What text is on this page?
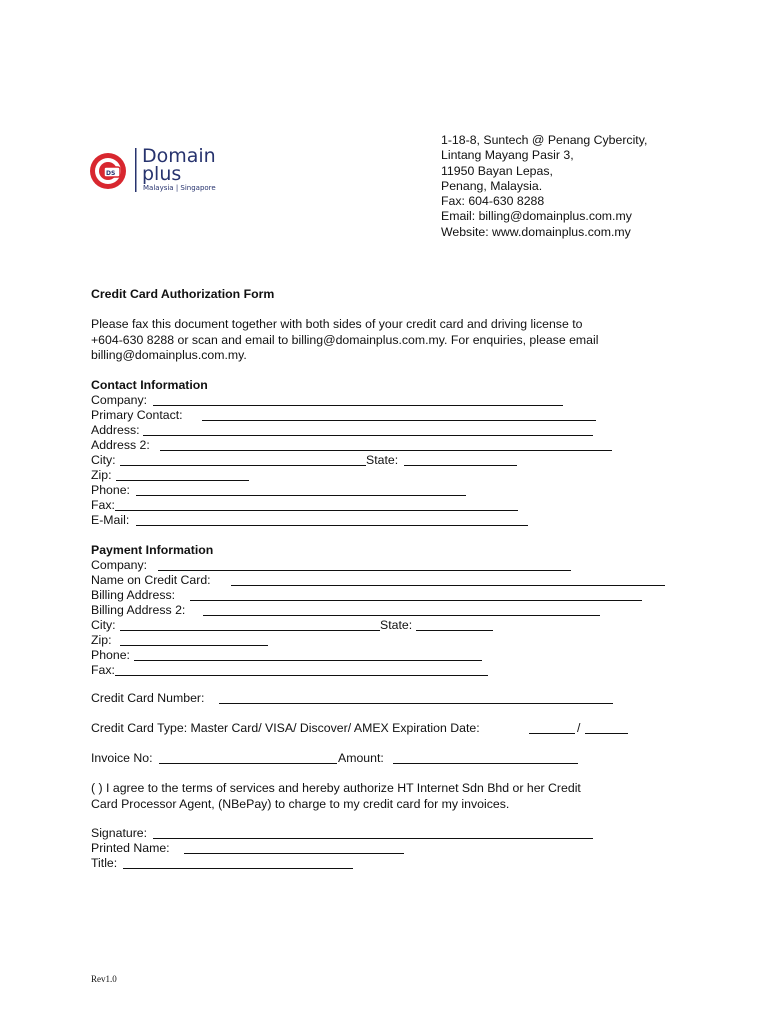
DS
Domain
plus
Malaysia | Singapore
1-18-8, Suntech @ Penang Cybercity,
Lintang Mayang Pasir 3,
11950 Bayan Lepas,
Penang, Malaysia.
Fax: 604-630 8288
Email: billing@domainplus.com.my
Website: www.domainplus.com.my
Credit Card Authorization Form
Please fax this document together with both sides of your credit card and driving license to
+604-630 8288 or scan and email to billing@domainplus.com.my. For enquiries, please email
billing@domainplus.com.my.
Contact Information
Company:
Primary Contact:
Address:
Address 2:
City:	State:
Zip:
Phone:
Fax:
E-Mail:
Payment Information
Company:
Name on Credit Card:
Billing Address:
Billing Address 2:
City:	State:
Zip:
Phone:
Fax:
Credit Card Number:
Credit Card Type: Master Card/ VISA/ Discover/ AMEX Expiration Date:	/
Invoice No:	Amount:
( ) I agree to the terms of services and hereby authorize HT Internet Sdn Bhd or her Credit
Card Processor Agent, (NBePay) to charge to my credit card for my invoices.
Signature:
Printed Name:
Title:
Rev1.0
